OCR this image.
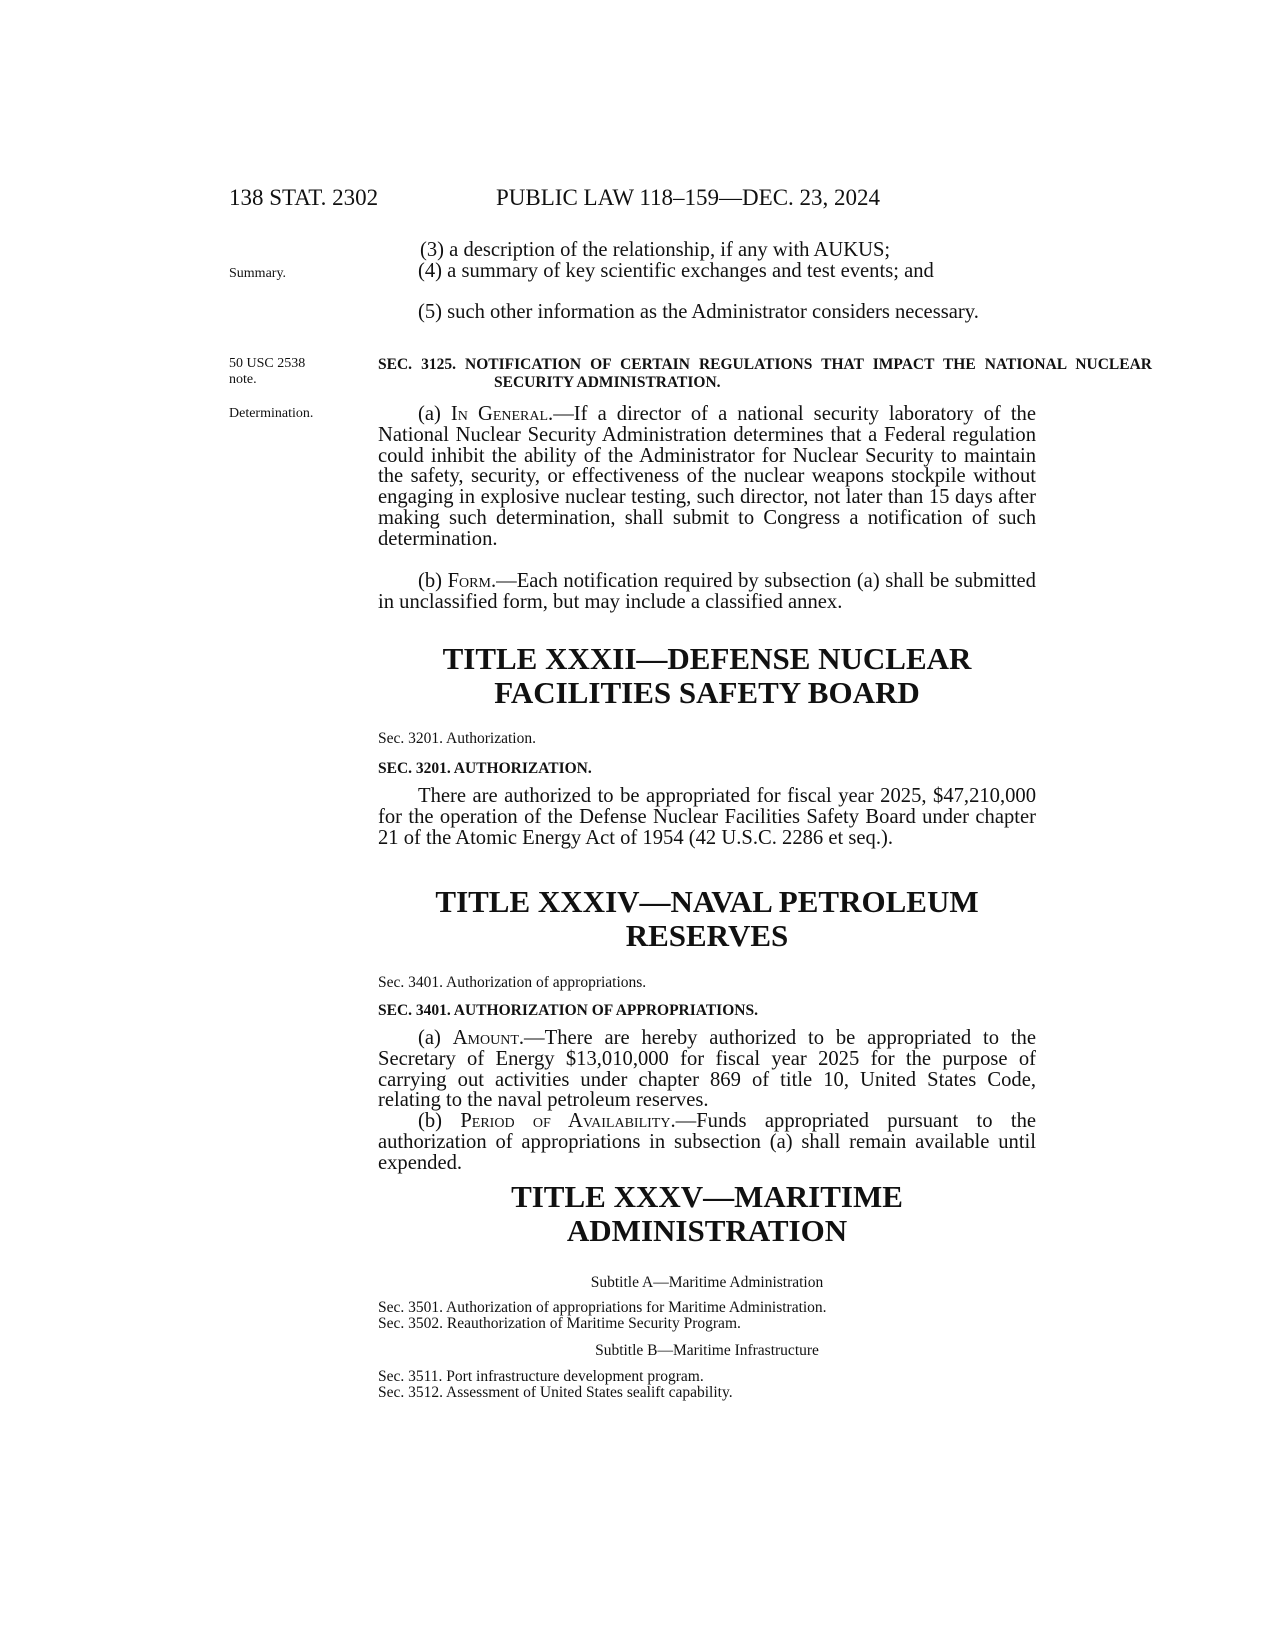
138 STAT. 2302	PUBLIC LAW 118–159—DEC. 23, 2024
Summary.
50 USC 2538
note.
Determination.

(3) a description of the relationship, if any with AUKUS;

(4) a summary of key scientific exchanges and test events; and
(5) such other information as the Administrator considers necessary.
SEC. 3125. NOTIFICATION OF CERTAIN REGULATIONS THAT IMPACT THE NATIONAL NUCLEAR SECURITY ADMINISTRATION.
(a) In General.—If a director of a national security laboratory of the National Nuclear Security Administration determines that a Federal regulation could inhibit the ability of the Administrator for Nuclear Security to maintain the safety, security, or effectiveness of the nuclear weapons stockpile without engaging in explosive nuclear testing, such director, not later than 15 days after making such determination, shall submit to Congress a notification of such determination.
(b) Form.—Each notification required by subsection (a) shall be submitted in unclassified form, but may include a classified annex.
TITLE XXXII—DEFENSE NUCLEAR
FACILITIES SAFETY BOARD
Sec. 3201. Authorization.
SEC. 3201. AUTHORIZATION.
There are authorized to be appropriated for fiscal year 2025, $47,210,000 for the operation of the Defense Nuclear Facilities Safety Board under chapter 21 of the Atomic Energy Act of 1954 (42 U.S.C. 2286 et seq.).
TITLE XXXIV—NAVAL PETROLEUM
RESERVES
Sec. 3401. Authorization of appropriations.
SEC. 3401. AUTHORIZATION OF APPROPRIATIONS.
(a) Amount.—There are hereby authorized to be appropriated to the Secretary of Energy $13,010,000 for fiscal year 2025 for the purpose of carrying out activities under chapter 869 of title 10, United States Code, relating to the naval petroleum reserves.
(b) Period of Availability.—Funds appropriated pursuant to the authorization of appropriations in subsection (a) shall remain available until expended.
TITLE XXXV—MARITIME
ADMINISTRATION
Subtitle A—Maritime Administration
Sec. 3501. Authorization of appropriations for Maritime Administration.
Sec. 3502. Reauthorization of Maritime Security Program.
Subtitle B—Maritime Infrastructure
Sec. 3511. Port infrastructure development program.
Sec. 3512. Assessment of United States sealift capability.
